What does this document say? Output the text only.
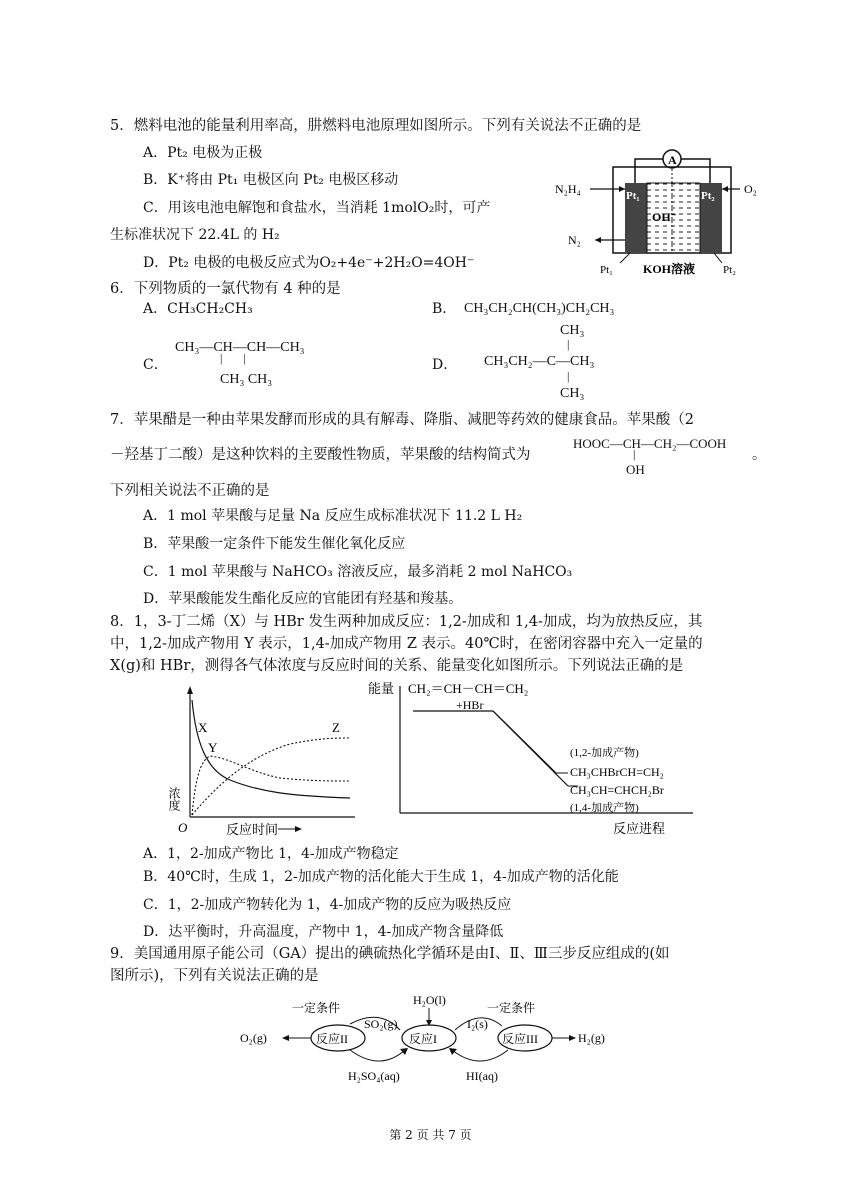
5．燃料电池的能量利用率高，肼燃料电池原理如图所示。下列有关说法不正确的是
A．Pt₂ 电极为正极
B．K⁺将由 Pt₁ 电极区向 Pt₂ 电极区移动
C．用该电池电解饱和食盐水，当消耗 1molO₂时，可产
生标准状况下 22.4L 的 H₂
D．Pt₂ 电极的电极反应式为O₂+4e⁻+2H₂O=4OH⁻
A
N₂H₄	O₂
N₂
Pt₁	Pt₂
OH⁻
Pt₁ KOH溶液	Pt₂
6．下列物质的一氯代物有 4 种的是
A．CH₃CH₂CH₃	B． CH₃CH₂CH(CH₃)CH₂CH₃
C．
CH₃—CH—CH—CH₃
|       |
CH₃ CH₃
D．
CH₃
|
CH₃CH₂—C—CH₃
|
CH₃
7．苹果醋是一种由苹果发酵而形成的具有解毒、降脂、减肥等药效的健康食品。苹果酸（2
－羟基丁二酸）是这种饮料的主要酸性物质，苹果酸的结构简式为
HOOC—CH—CH₂—COOH
|
OH
。
下列相关说法不正确的是
A．1 mol 苹果酸与足量 Na 反应生成标准状况下 11.2 L H₂
B．苹果酸一定条件下能发生催化氧化反应
C．1 mol 苹果酸与 NaHCO₃ 溶液反应，最多消耗 2 mol NaHCO₃
D．苹果酸能发生酯化反应的官能团有羟基和羧基。
8．1，3-丁二烯（X）与 HBr 发生两种加成反应：1,2-加成和 1,4-加成，均为放热反应，其
中，1,2-加成产物用 Y 表示，1,4-加成产物用 Z 表示。40℃时，在密闭容器中充入一定量的
X(g)和 HBr，测得各气体浓度与反应时间的关系、能量变化如图所示。下列说法正确的是
X
Y
Z
浓度
O	反应时间
能量 CH₂＝CH－CH＝CH₂
+HBr
(1,2-加成产物)
CH₃CHBrCH=CH₂
CH₃CH=CHCH₂Br
(1,4-加成产物)
反应进程
A．1，2-加成产物比 1，4-加成产物稳定
B．40℃时，生成 1，2-加成产物的活化能大于生成 1，4-加成产物的活化能
C．1，2-加成产物转化为 1，4-加成产物的反应为吸热反应
D．达平衡时，升高温度，产物中 1，4-加成产物含量降低
9．美国通用原子能公司（GA）提出的碘硫热化学循环是由Ⅰ、Ⅱ、Ⅲ三步反应组成的(如
图所示)，下列有关说法正确的是
一定条件
H₂O(l)
一定条件
反应II	反应I	反应III
O₂(g)	H₂(g)
SO₂(g)	I₂(s)
H₂SO₄(aq)	HI(aq)
第 2 页 共 7 页
